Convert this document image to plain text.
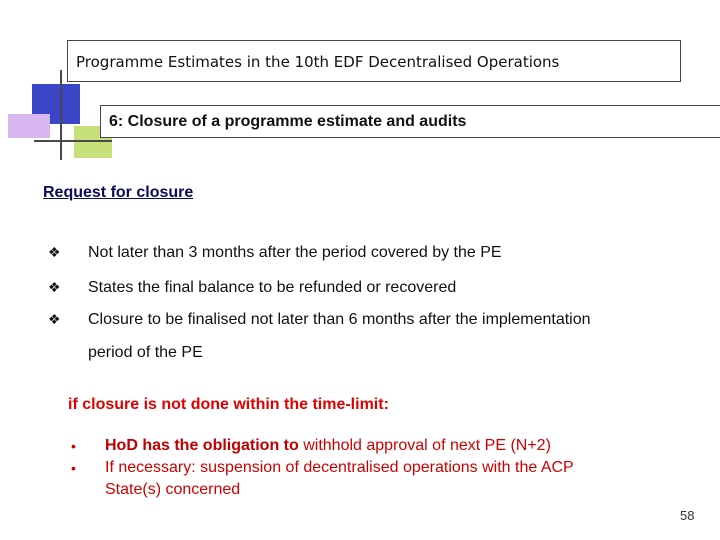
Programme Estimates in the 10th EDF Decentralised Operations
6: Closure of a programme estimate and audits
Request for closure
❖ Not later than 3 months after the period covered by the PE
❖ States the final balance to be refunded or recovered
❖ Closure to be finalised not later than 6 months after the implementation
period of the PE
if closure is not done within the time-limit:
• HoD has the obligation to withhold approval of next PE (N+2)
• If necessary: suspension of decentralised operations with the ACP
State(s) concerned
58
